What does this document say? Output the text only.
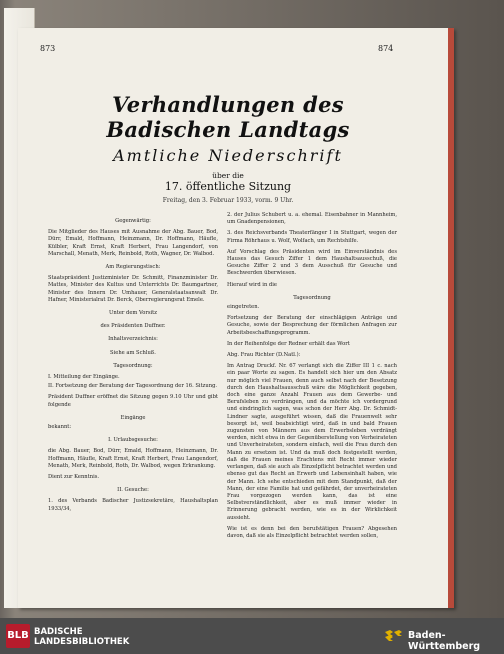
873	874
Verhandlungen des Badischen Landtags
Amtliche Niederschrift
über die
17. öffentliche Sitzung
Freitag, den 3. Februar 1933, vorm. 9 Uhr.

Gegenwärtig:

Die Mitglieder des Hauses mit Ausnahme der Abg. Bauer, Bod, Dürr, Emald, Hoffmann, Heinzmann, Dr. Hoffmann, Häufle, Külbler, Kraft Ernst, Kraft Herbert, Frau Langendorf, von Marschall, Menath, Merk, Reinbold, Roth, Wagner, Dr. Walbod.

Am Regierungstisch:

Staatspräsident Justizminister Dr. Schmitt, Finanzminister Dr. Mattes, Minister des Kultus und Unterrichts Dr. Baumgartner, Minister des Innern Dr. Umhauer, Generalstaatsanwalt Dr. Hafner, Ministerialrat Dr. Berck, Oberregierungsrat Emele.

Unter dem Vorsitz

des Präsidenten Duffner.

Inhaltsverzeichnis:

Siehe am Schluß.

Tagesordnung:

I. Mitteilung der Eingänge.

II. Fortsetzung der Beratung der Tagesordnung der 16. Sitzung.

Präsident Duffner eröffnet die Sitzung gegen 9.10 Uhr und gibt folgende

Eingänge

bekannt:

I. Urlaubsgesuche:

die Abg. Bauer, Bod, Dürr, Emald, Hoffmann, Heinzmann, Dr. Hoffmann, Häufle, Kraft Ernst, Kraft Herbert, Frau Langendorf, Menath, Merk, Reinbold, Roth, Dr. Walbod, wegen Erkrankung.

Dient zur Kenntnis.

II. Gesuche:

1. des Verbands Badischer Justizsekretäre, Haushaltsplan 1933/34,

2. der Julius Schubert u. a. ehemal. Eisenbahner in Mannheim, um Gnadenpensionen,

3. des Reichsverbands Theaterfänger I in Stuttgart, wegen der Firma Röhrhaus u. Wolf, Wolfach, um Rechtshilfe.

Auf Vorschlag des Präsidenten wird im Einverständnis des Hauses das Gesuch Ziffer 1 dem Haushaltsausschuß, die Gesuche Ziffer 2 und 3 dem Ausschuß für Gesuche und Beschwerden überwiesen.

Hierauf wird in die

Tagesordnung

eingetreten.

Fortsetzung der Beratung der einschlägigen Anträge und Gesuche, sowie der Besprechung der förmlichen Anfragen zur Arbeitsbeschaffungsprogramm.

In der Reihenfolge der Redner erhält das Wort

Abg. Frau Richter (D.Natl.):

Im Antrag Druckf. Nr. 67 verlangt sich die Ziffer III 1 c. nach ein paar Worte zu sagen. Es handelt sich hier um den Absatz nur möglich viel Frauen, denn auch selbst nach der Besetzung durch den Haushaltsausschuß wäre die Möglichkeit gegeben, doch eine ganze Anzahl Frauen aus dem Gewerbe- und Berufsleben zu verdrängen, und da möchte ich vordergrund und eindringlich sagen, was schon der Herr Abg. Dr. Schmidt-Lindner sagte, ausgeführt wissen, daß die Frauenwelt sehr besorgt ist, weil beabsichtigt wird, daß in und bald Frauen zugunsten von Männern aus dem Erwerbsleben verdrängt werden, nicht etwa in der Gegenüberstellung von Verheirateten und Unverheirateten, sondern einfach, weil die Frau durch den Mann zu ersetzen ist. Und da muß doch festgestellt werden, daß die Frauen meines Erachtens mit Recht immer wieder verlangen, daß sie auch als Einzelpflicht betrachtet werden und ebenso gut das Recht an Erwerb und Lebensinhalt haben, wie der Mann. Ich sehe entschieden mit dem Standpunkt, daß der Mann, der eine Familie hat und gefährdet, der unverheirateten Frau vorgezogen werden kann, das ist eine Selbstverständlichkeit, aber es muß immer wieder in Erinnerung gebracht werden, wie es in der Wirklichkeit aussieht.

Wie ist es denn bei den berufstätigen Frauen? Abgesehen davon, daß sie als Einzelpflicht betrachtet werden sollen,

BLB BADISCHE
LANDESBIBLIOTHEK
Baden-Württemberg
